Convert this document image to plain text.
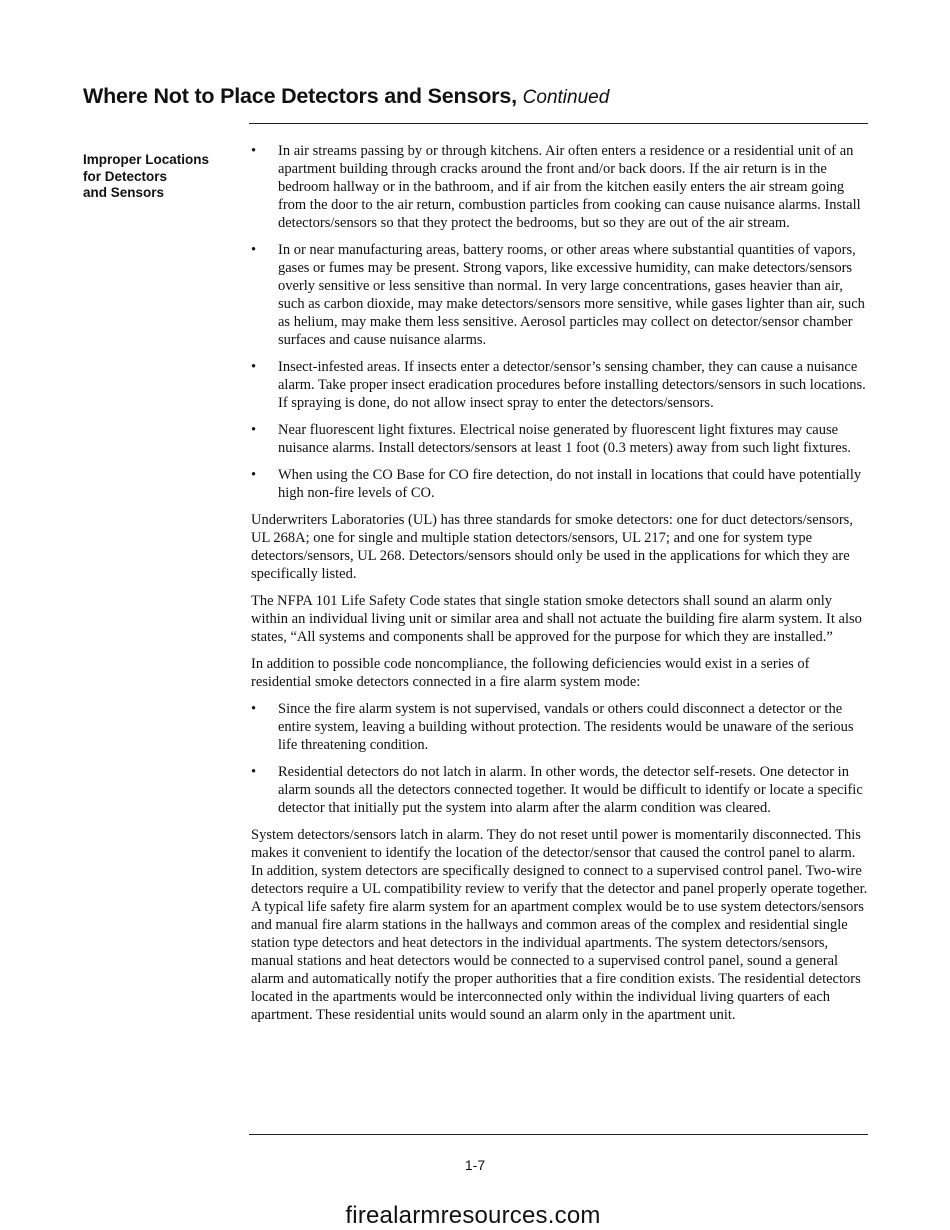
Where Not to Place Detectors and Sensors, Continued
Improper Locations
for Detectors
and Sensors
• In air streams passing by or through kitchens. Air often enters a residence or a residential unit of an apartment building through cracks around the front and/or back doors. If the air return is in the bedroom hallway or in the bathroom, and if air from the kitchen easily enters the air stream going from the door to the air return, combustion particles from cooking can cause nuisance alarms. Install detectors/sensors so that they protect the bedrooms, but so they are out of the air stream.
• In or near manufacturing areas, battery rooms, or other areas where substantial quantities of vapors, gases or fumes may be present. Strong vapors, like excessive humidity, can make detectors/sensors overly sensitive or less sensitive than normal. In very large concentrations, gases heavier than air, such as carbon dioxide, may make detectors/sensors more sensitive, while gases lighter than air, such as helium, may make them less sensitive. Aerosol particles may collect on detector/sensor chamber surfaces and cause nuisance alarms.
• Insect-infested areas. If insects enter a detector/sensor’s sensing chamber, they can cause a nuisance alarm. Take proper insect eradication procedures before installing detectors/sensors in such locations. If spraying is done, do not allow insect spray to enter the detectors/sensors.
• Near fluorescent light fixtures. Electrical noise generated by fluorescent light fixtures may cause nuisance alarms. Install detectors/sensors at least 1 foot (0.3 meters) away from such light fixtures.
• When using the CO Base for CO fire detection, do not install in locations that could have potentially high non-fire levels of CO.

Underwriters Laboratories (UL) has three standards for smoke detectors: one for duct detectors/sensors, UL 268A; one for single and multiple station detectors/sensors, UL 217; and one for system type detectors/sensors, UL 268. Detectors/sensors should only be used in the applications for which they are specifically listed.

The NFPA 101 Life Safety Code states that single station smoke detectors shall sound an alarm only within an individual living unit or similar area and shall not actuate the building fire alarm system. It also states, “All systems and components shall be approved for the purpose for which they are installed.”

In addition to possible code noncompliance, the following deficiencies would exist in a series of residential smoke detectors connected in a fire alarm system mode:

• Since the fire alarm system is not supervised, vandals or others could disconnect a detector or the entire system, leaving a building without protection. The residents would be unaware of the serious life threatening condition.
• Residential detectors do not latch in alarm. In other words, the detector self-resets. One detector in alarm sounds all the detectors connected together. It would be difficult to identify or locate a specific detector that initially put the system into alarm after the alarm condition was cleared.

System detectors/sensors latch in alarm. They do not reset until power is momentarily disconnected. This makes it convenient to identify the location of the detector/sensor that caused the control panel to alarm. In addition, system detectors are specifically designed to connect to a supervised control panel. Two-wire detectors require a UL compatibility review to verify that the detector and panel properly operate together. A typical life safety fire alarm system for an apartment complex would be to use system detectors/sensors and manual fire alarm stations in the hallways and common areas of the complex and residential single station type detectors and heat detectors in the individual apartments. The system detectors/sensors, manual stations and heat detectors would be connected to a supervised control panel, sound a general alarm and automatically notify the proper authorities that a fire condition exists. The residential detectors located in the apartments would be interconnected only within the individual living quarters of each apartment. These residential units would sound an alarm only in the apartment unit.

1-7
firealarmresources.com
